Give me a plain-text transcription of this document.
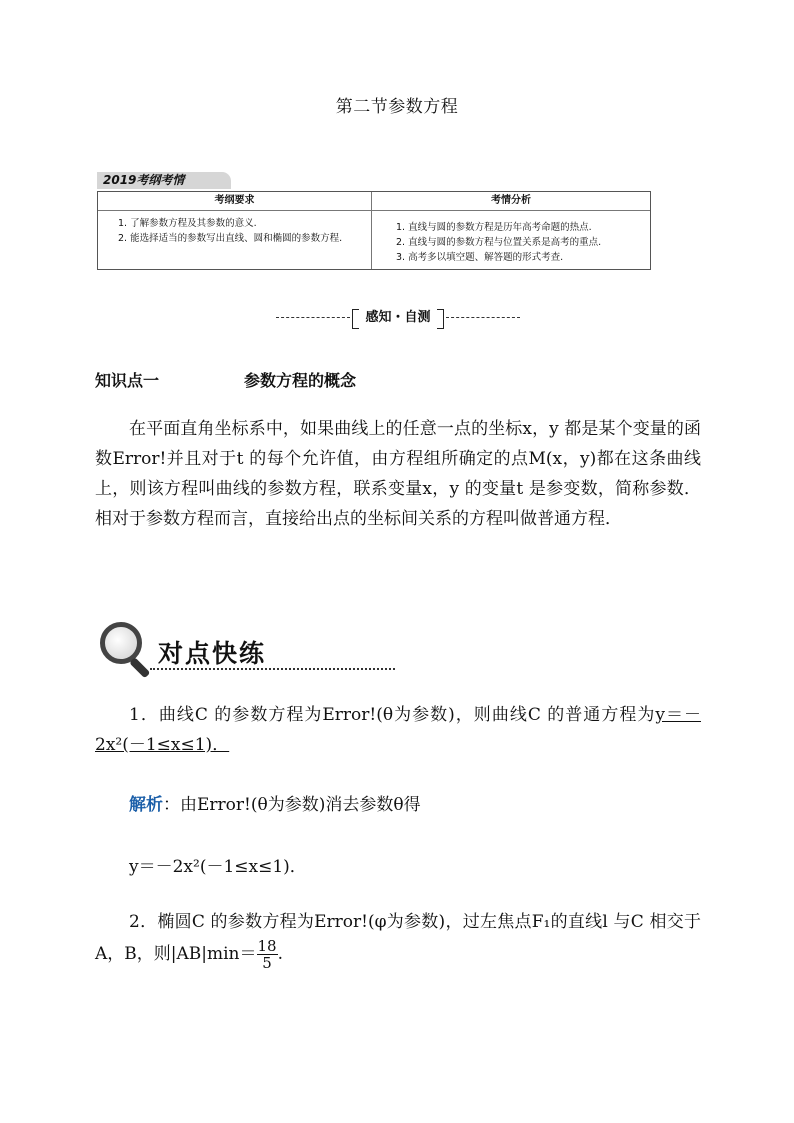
第二节参数方程
2019考纲考情
考纲要求
1. 了解参数方程及其参数的意义.
2. 能选择适当的参数写出直线、圆和椭圆的参数方程.
考情分析
1. 直线与圆的参数方程是历年高考命题的热点.
2. 直线与圆的参数方程与位置关系是高考的重点.
3. 高考多以填空题、解答题的形式考查.
感知・自测
知识点一	参数方程的概念
在平面直角坐标系中，如果曲线上的任意一点的坐标x，y 都是某个变量的函数Error!并且对于t 的每个允许值，由方程组所确定的点M(x，y)都在这条曲线上，则该方程叫曲线的参数方程，联系变量x，y 的变量t 是参变数，简称参数．相对于参数方程而言，直接给出点的坐标间关系的方程叫做普通方程．
对点快练
1．曲线C 的参数方程为Error!(θ为参数)，则曲线C 的普通方程为y＝－2x²(－1≤x≤1)．
解析：由Error!(θ为参数)消去参数θ得
y＝－2x²(－1≤x≤1)．
2．椭圆C 的参数方程为Error!(φ为参数)，过左焦点F₁的直线l 与C 相交于A，B，则$|AB|\min= \frac{18}{5}$ .
